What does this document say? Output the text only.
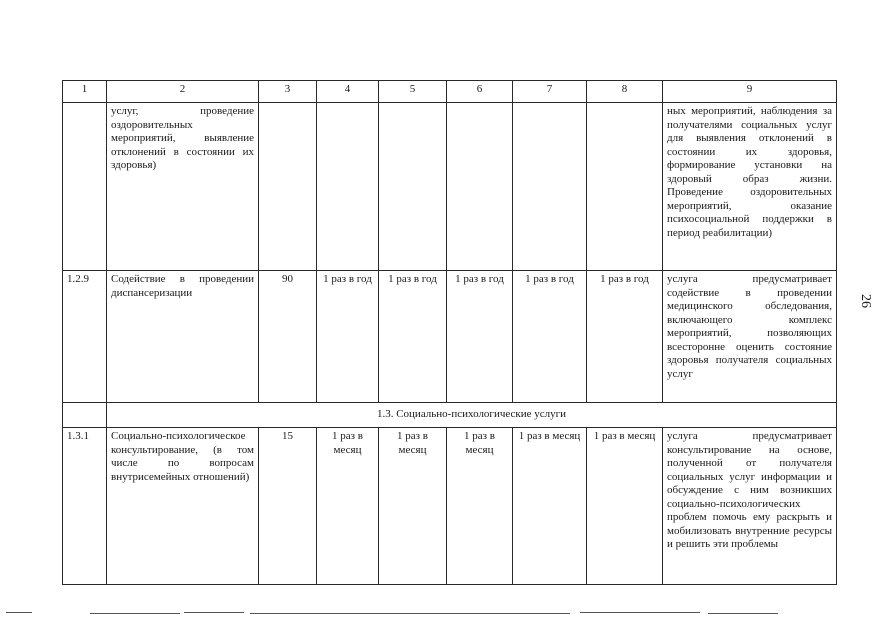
1	2	3	4	5	6	7	8	9
	услуг, проведение оздоровительных мероприятий, выявление отклонений в состоянии их здоровья)							ных мероприятий, наблюдения за получателями социальных услуг для выявления отклонений в состоянии их здоровья, формирование установки на здоровый образ жизни. Проведение оздоровительных мероприятий, оказание психосоциальной поддержки в период реабилитации)
1.2.9	Содействие в проведении диспансеризации	90	1 раз в год	1 раз в год	1 раз в год	1 раз в год	1 раз в год	услуга предусматривает содействие в проведении медицинского обследования, включающего комплекс мероприятий, позволяющих всесторонне оценить состояние здоровья получателя социальных услуг
	1.3. Социально-психологические услуги							
1.3.1	Социально-психологическое консультирование, (в том числе по вопросам внутрисемейных отношений)	15	1 раз в месяц	1 раз в месяц	1 раз в месяц	1 раз в месяц	1 раз в месяц	услуга предусматривает консультирование на основе, полученной от получателя социальных услуг информации и обсуждение с ним возникших социально-психологических проблем помочь ему раскрыть и мобилизовать внутренние ресурсы и решить эти проблемы
26
